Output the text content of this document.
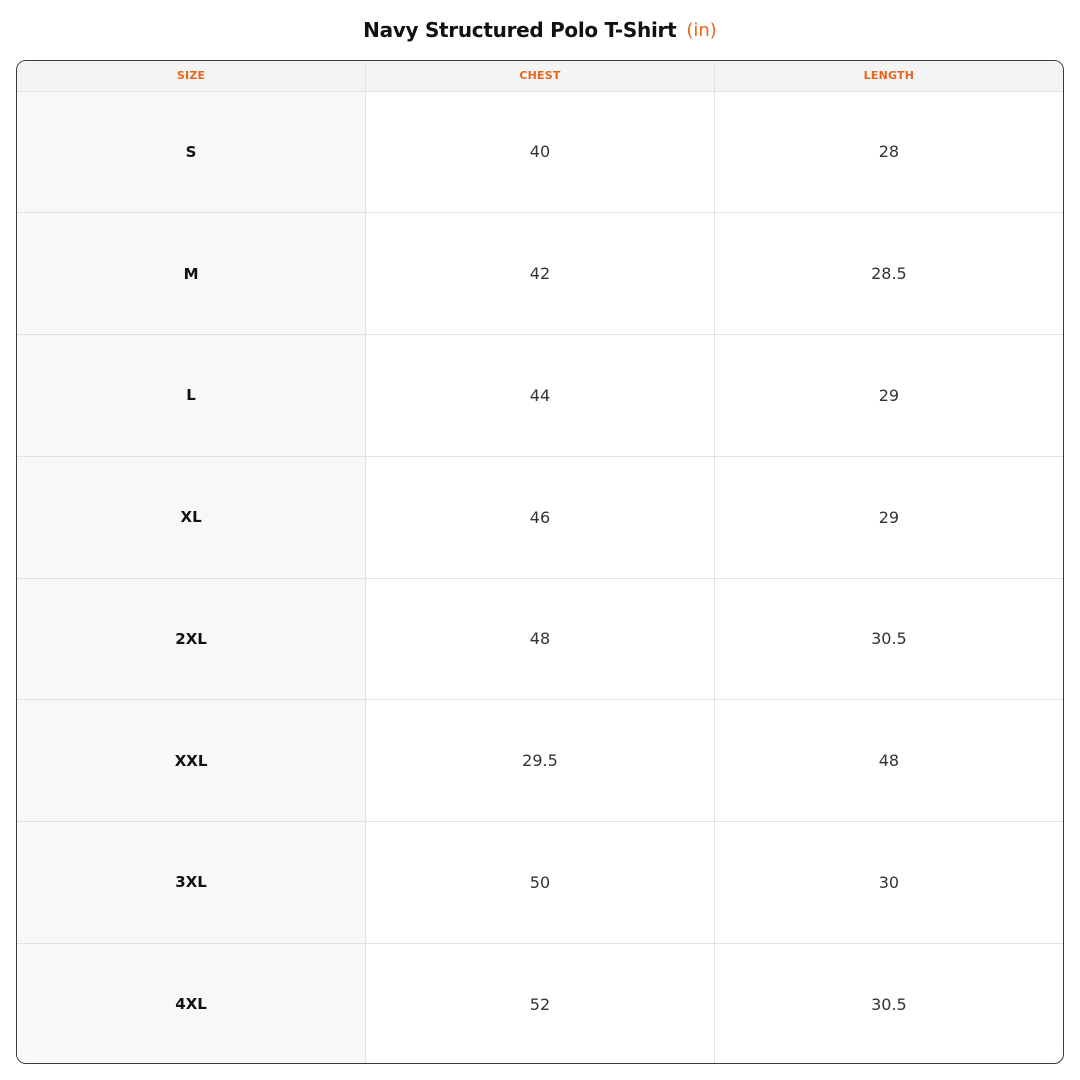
Navy Structured Polo T-Shirt (in)
SIZE	CHEST	LENGTH
S	40	28
M	42	28.5
L	44	29
XL	46	29
2XL	48	30.5
XXL	29.5	48
3XL	50	30
4XL	52	30.5
